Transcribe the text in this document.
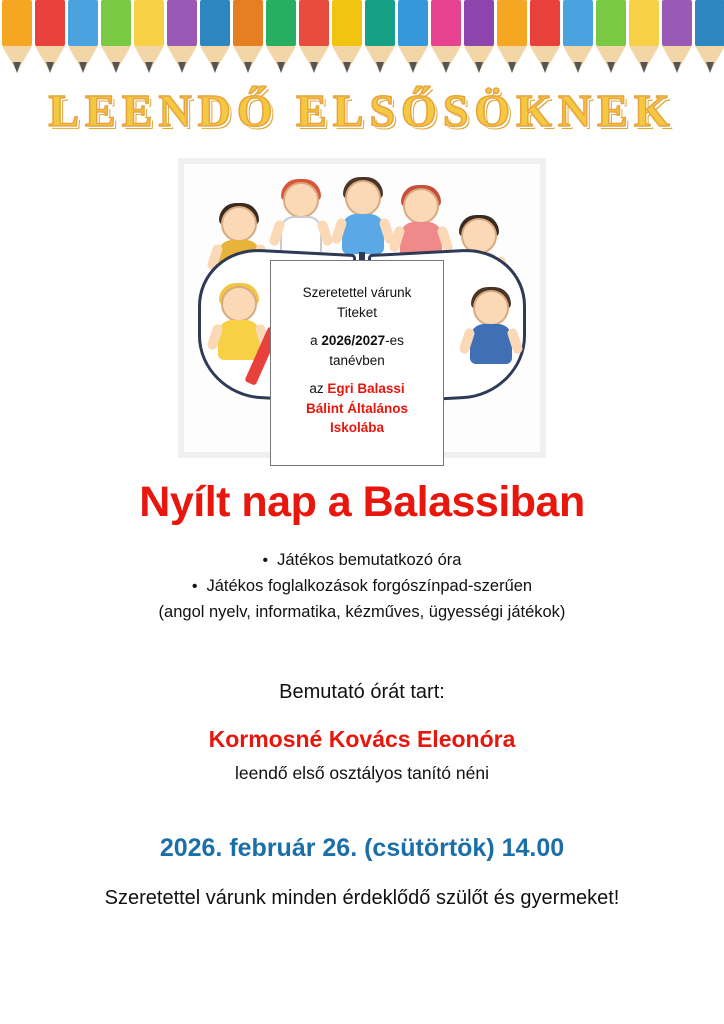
LEENDŐ ELSŐSÖKNEK

Szeretettel várunk

Titeket

a 2026/2027-es

tanévben

az Egri Balassi

Bálint Általános

Iskolába

Nyílt nap a Balassiban
• Játékos bemutatkozó óra
• Játékos foglalkozások forgószínpad-szerűen
(angol nyelv, informatika, kézműves, ügyességi játékok)
Bemutató órát tart:
Kormosné Kovács Eleonóra
leendő első osztályos tanító néni
2026. február 26. (csütörtök) 14.00
Szeretettel várunk minden érdeklődő szülőt és gyermeket!
